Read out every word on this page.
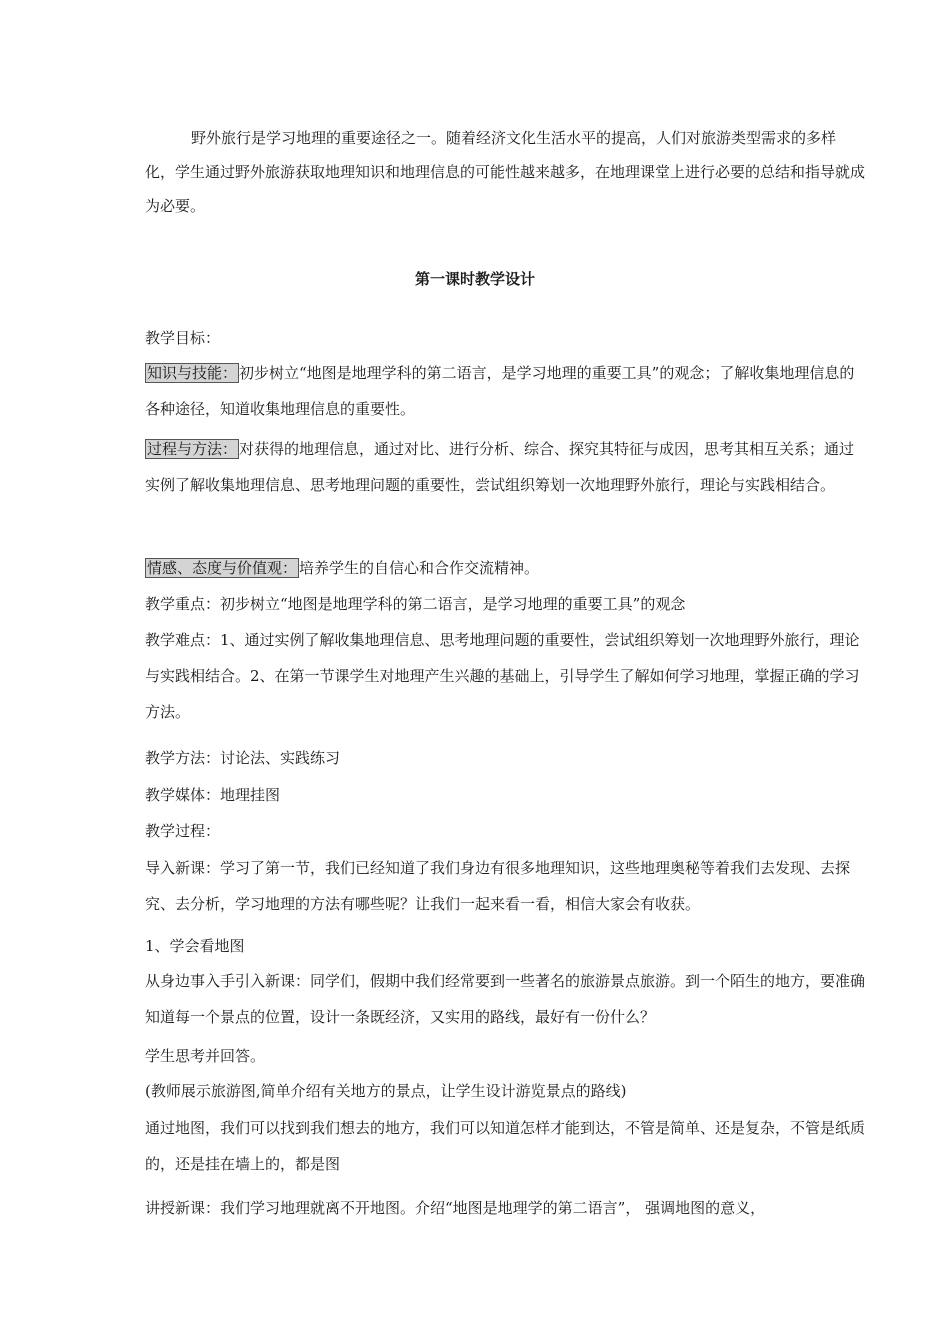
野外旅行是学习地理的重要途径之一。随着经济文化生活水平的提高，人们对旅游类型需求的多样化，学生通过野外旅游获取地理知识和地理信息的可能性越来越多，在地理课堂上进行必要的总结和指导就成为必要。

第一课时教学设计

教学目标：

知识与技能： 初步树立“地图是地理学科的第二语言，是学习地理的重要工具”的观念；了解收集地理信息的各种途径，知道收集地理信息的重要性。

过程与方法： 对获得的地理信息，通过对比、进行分析、综合、探究其特征与成因，思考其相互关系；通过实例了解收集地理信息、思考地理问题的重要性，尝试组织筹划一次地理野外旅行，理论与实践相结合。

情感、态度与价值观： 培养学生的自信心和合作交流精神。

教学重点：初步树立“地图是地理学科的第二语言，是学习地理的重要工具”的观念

教学难点：1、通过实例了解收集地理信息、思考地理问题的重要性，尝试组织筹划一次地理野外旅行，理论与实践相结合。2、在第一节课学生对地理产生兴趣的基础上，引导学生了解如何学习地理，掌握正确的学习方法。

教学方法：讨论法、实践练习

教学媒体：地理挂图

教学过程：

导入新课：学习了第一节，我们已经知道了我们身边有很多地理知识，这些地理奥秘等着我们去发现、去探究、去分析，学习地理的方法有哪些呢？让我们一起来看一看，相信大家会有收获。

1、学会看地图

从身边事入手引入新课：同学们，假期中我们经常要到一些著名的旅游景点旅游。到一个陌生的地方，要准确知道每一个景点的位置，设计一条既经济，又实用的路线，最好有一份什么？

学生思考并回答。

(教师展示旅游图,简单介绍有关地方的景点，让学生设计游览景点的路线)

通过地图，我们可以找到我们想去的地方，我们可以知道怎样才能到达，不管是简单、还是复杂，不管是纸质的，还是挂在墙上的，都是图

讲授新课：我们学习地理就离不开地图。介绍“地图是地理学的第二语言”， 强调地图的意义，
